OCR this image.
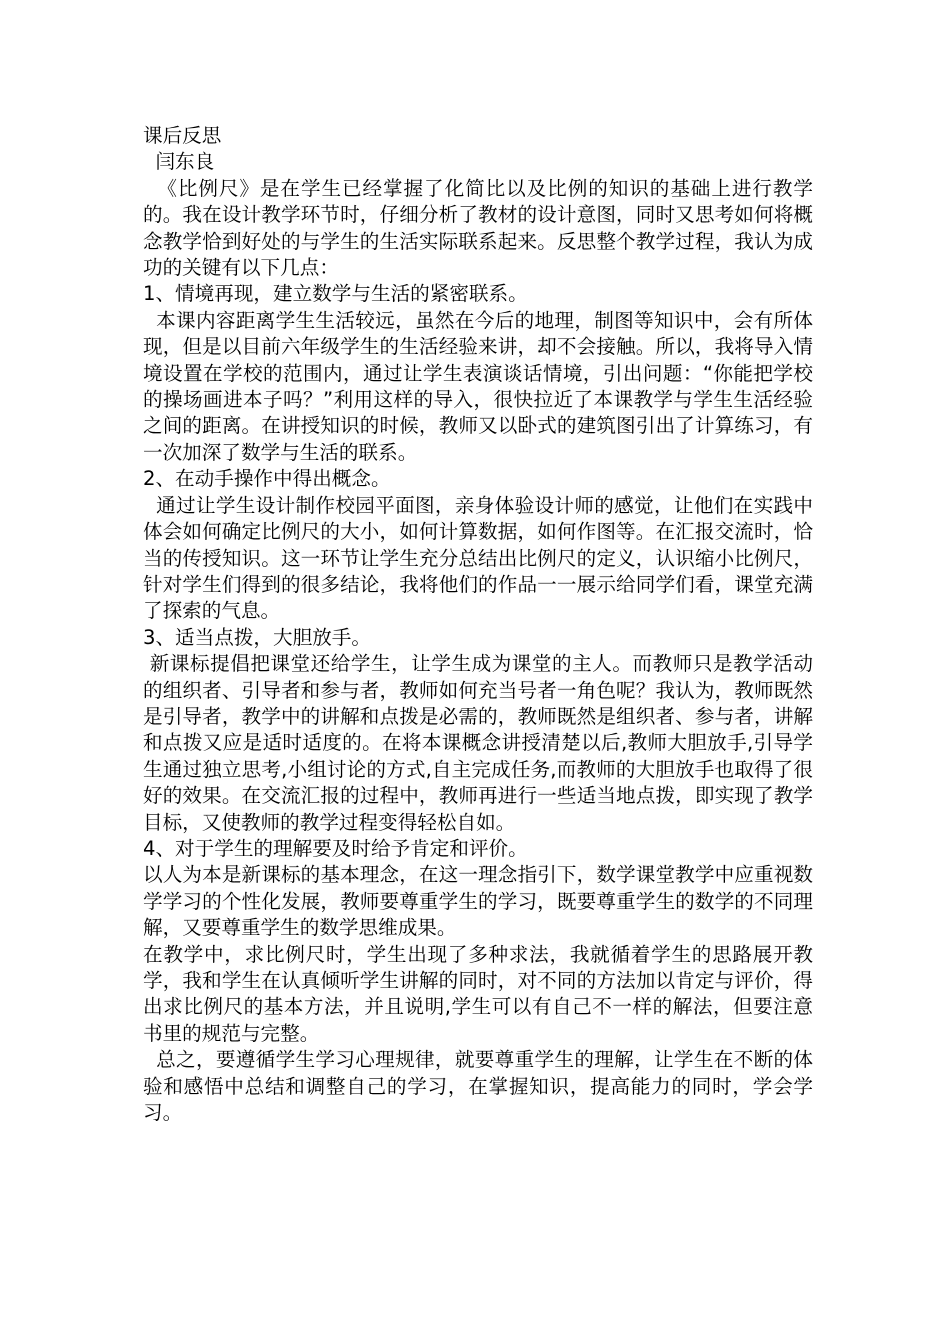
课后反思

闫东良

《比例尺》是在学生已经掌握了化简比以及比例的知识的基础上进行教学的。我在设计教学环节时，仔细分析了教材的设计意图，同时又思考如何将概念教学恰到好处的与学生的生活实际联系起来。反思整个教学过程，我认为成功的关键有以下几点：

1、情境再现，建立数学与生活的紧密联系。

本课内容距离学生生活较远，虽然在今后的地理，制图等知识中，会有所体现，但是以目前六年级学生的生活经验来讲，却不会接触。所以，我将导入情境设置在学校的范围内，通过让学生表演谈话情境，引出问题：“你能把学校的操场画进本子吗？”利用这样的导入，很快拉近了本课教学与学生生活经验之间的距离。在讲授知识的时候，教师又以卧式的建筑图引出了计算练习，有一次加深了数学与生活的联系。

2、在动手操作中得出概念。

通过让学生设计制作校园平面图，亲身体验设计师的感觉，让他们在实践中体会如何确定比例尺的大小，如何计算数据，如何作图等。在汇报交流时，恰当的传授知识。这一环节让学生充分总结出比例尺的定义，认识缩小比例尺，针对学生们得到的很多结论，我将他们的作品一一展示给同学们看，课堂充满了探索的气息。

3、适当点拨，大胆放手。

新课标提倡把课堂还给学生，让学生成为课堂的主人。而教师只是教学活动的组织者、引导者和参与者，教师如何充当号者一角色呢？我认为，教师既然是引导者，教学中的讲解和点拨是必需的，教师既然是组织者、参与者，讲解和点拨又应是适时适度的。在将本课概念讲授清楚以后,教师大胆放手,引导学生通过独立思考,小组讨论的方式,自主完成任务,而教师的大胆放手也取得了很好的效果。在交流汇报的过程中，教师再进行一些适当地点拨，即实现了教学目标，又使教师的教学过程变得轻松自如。

4、对于学生的理解要及时给予肯定和评价。

以人为本是新课标的基本理念，在这一理念指引下，数学课堂教学中应重视数学学习的个性化发展，教师要尊重学生的学习，既要尊重学生的数学的不同理解，又要尊重学生的数学思维成果。

在教学中，求比例尺时，学生出现了多种求法，我就循着学生的思路展开教学，我和学生在认真倾听学生讲解的同时，对不同的方法加以肯定与评价，得出求比例尺的基本方法，并且说明,学生可以有自己不一样的解法，但要注意书里的规范与完整。

总之，要遵循学生学习心理规律，就要尊重学生的理解，让学生在不断的体验和感悟中总结和调整自己的学习，在掌握知识，提高能力的同时，学会学习。
